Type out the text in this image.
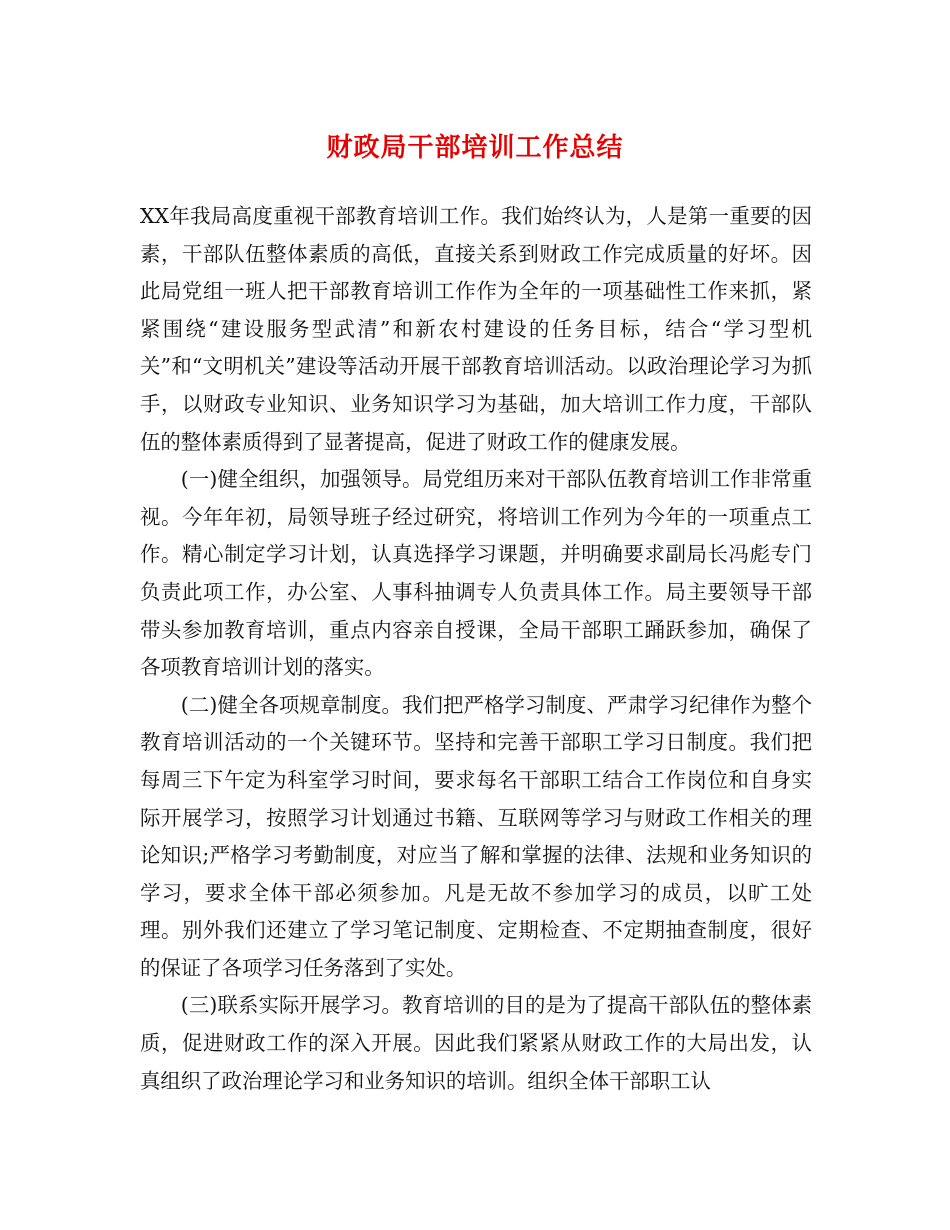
财政局干部培训工作总结

XX年我局高度重视干部教育培训工作。我们始终认为，人是第一重要的因素，干部队伍整体素质的高低，直接关系到财政工作完成质量的好坏。因此局党组一班人把干部教育培训工作作为全年的一项基础性工作来抓，紧紧围绕“建设服务型武清”和新农村建设的任务目标，结合“学习型机关”和“文明机关”建设等活动开展干部教育培训活动。以政治理论学习为抓手，以财政专业知识、业务知识学习为基础，加大培训工作力度，干部队伍的整体素质得到了显著提高，促进了财政工作的健康发展。

(一)健全组织，加强领导。局党组历来对干部队伍教育培训工作非常重视。今年年初，局领导班子经过研究，将培训工作列为今年的一项重点工作。精心制定学习计划，认真选择学习课题，并明确要求副局长冯彪专门负责此项工作，办公室、人事科抽调专人负责具体工作。局主要领导干部带头参加教育培训，重点内容亲自授课，全局干部职工踊跃参加，确保了各项教育培训计划的落实。

(二)健全各项规章制度。我们把严格学习制度、严肃学习纪律作为整个教育培训活动的一个关键环节。坚持和完善干部职工学习日制度。我们把每周三下午定为科室学习时间，要求每名干部职工结合工作岗位和自身实际开展学习，按照学习计划通过书籍、互联网等学习与财政工作相关的理论知识;严格学习考勤制度，对应当了解和掌握的法律、法规和业务知识的学习，要求全体干部必须参加。凡是无故不参加学习的成员，以旷工处理。别外我们还建立了学习笔记制度、定期检查、不定期抽查制度，很好的保证了各项学习任务落到了实处。

(三)联系实际开展学习。教育培训的目的是为了提高干部队伍的整体素质，促进财政工作的深入开展。因此我们紧紧从财政工作的大局出发，认真组织了政治理论学习和业务知识的培训。组织全体干部职工认
